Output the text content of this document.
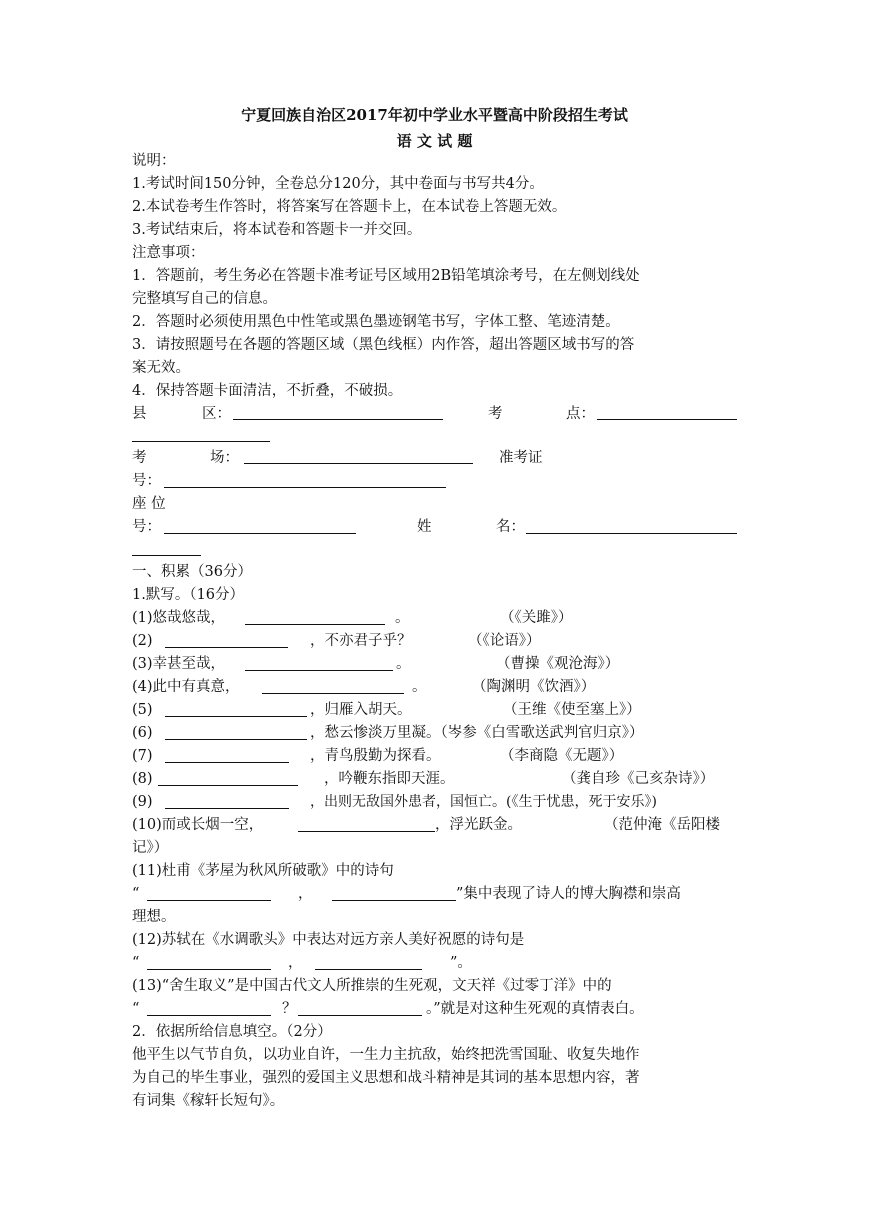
宁夏回族自治区2017年初中学业水平暨高中阶段招生考试
语 文 试 题
说明：
1.考试时间150分钟，全卷总分120分，其中卷面与书写共4分。
2.本试卷考生作答时，将答案写在答题卡上，在本试卷上答题无效。
3.考试结束后，将本试卷和答题卡一并交回。
注意事项：
1．答题前，考生务必在答题卡准考证号区域用2B铅笔填涂考号，在左侧划线处
完整填写自己的信息。
2．答题时必须使用黑色中性笔或黑色墨迹钢笔书写，字体工整、笔迹清楚。
3．请按照题号在各题的答题区域（黑色线框）内作答，超出答题区域书写的答
案无效。
4．保持答题卡面清洁，不折叠，不破损。
县	区：	考	点：
考	场：	准考证
号：
座 位
号：	姓	名：
一、积累（36分）
1.默写。（16分）
(1)悠哉悠哉，	。	（《关雎》）
(2)	，不亦君子乎？	（《论语》）
(3)幸甚至哉，	。	（曹操《观沧海》）
(4)此中有真意，	。	（陶渊明《饮酒》）
(5)	，归雁入胡天。	（王维《使至塞上》）
(6)	，愁云惨淡万里凝。（岑参《白雪歌送武判官归京》）
(7)	，青鸟殷勤为探看。	（李商隐《无题》）
(8)	，吟鞭东指即天涯。	（龚自珍《己亥杂诗》）
(9)	，出则无敌国外患者，国恒亡。(《生于忧患，死于安乐》)
(10)而或长烟一空，	，浮光跃金。	（范仲淹《岳阳楼
记》）
(11)杜甫《茅屋为秋风所破歌》中的诗句
“	，	”集中表现了诗人的博大胸襟和崇高
理想。
(12)苏轼在《水调歌头》中表达对远方亲人美好祝愿的诗句是
“	，	”。
(13)“舍生取义”是中国古代文人所推崇的生死观，文天祥《过零丁洋》中的
“	？	。”就是对这种生死观的真情表白。
2．依据所给信息填空。（2分）
他平生以气节自负，以功业自许，一生力主抗敌，始终把洗雪国耻、收复失地作
为自己的毕生事业，强烈的爱国主义思想和战斗精神是其词的基本思想内容，著
有词集《稼轩长短句》。
